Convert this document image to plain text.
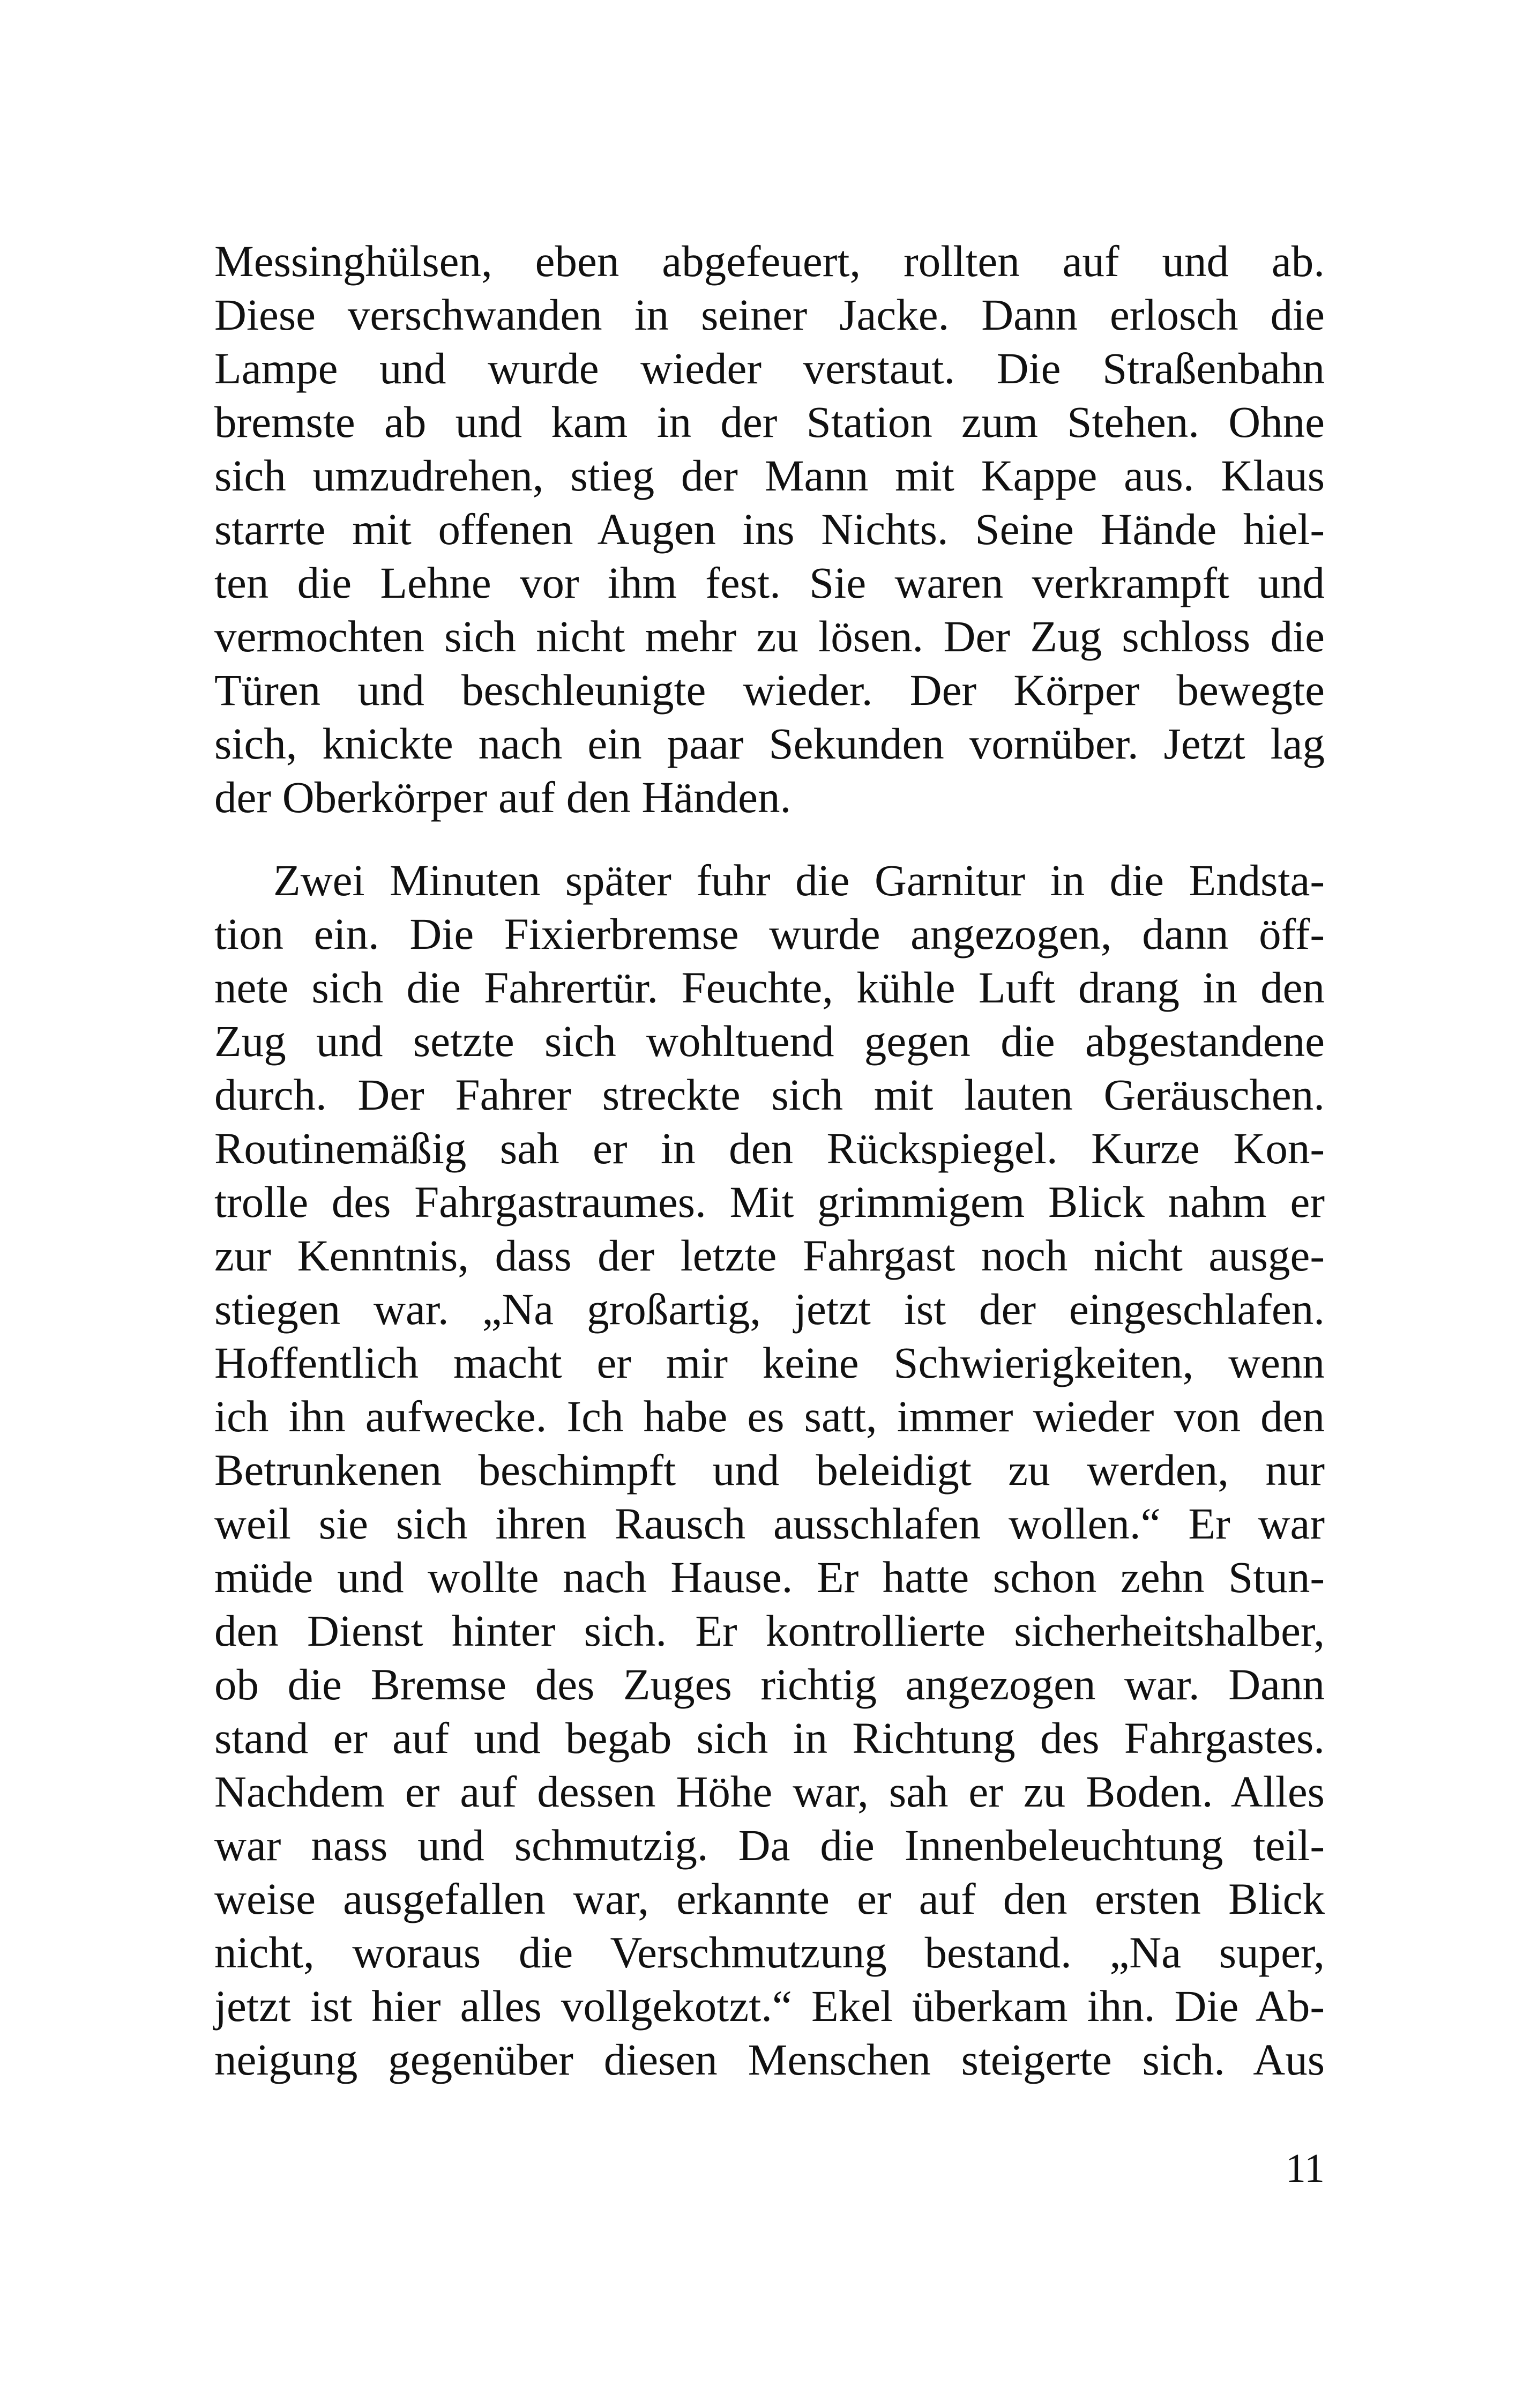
Messinghülsen, eben abgefeuert, rollten auf und ab.
Diese verschwanden in seiner Jacke. Dann erlosch die
Lampe und wurde wieder verstaut. Die Straßenbahn
bremste ab und kam in der Station zum Stehen. Ohne
sich umzudrehen, stieg der Mann mit Kappe aus. Klaus
starrte mit offenen Augen ins Nichts. Seine Hände hiel-
ten die Lehne vor ihm fest. Sie waren verkrampft und
vermochten sich nicht mehr zu lösen. Der Zug schloss die
Türen und beschleunigte wieder. Der Körper bewegte
sich, knickte nach ein paar Sekunden vornüber. Jetzt lag
der Oberkörper auf den Händen.
Zwei Minuten später fuhr die Garnitur in die Endsta-
tion ein. Die Fixierbremse wurde angezogen, dann öff-
nete sich die Fahrertür. Feuchte, kühle Luft drang in den
Zug und setzte sich wohltuend gegen die abgestandene
durch. Der Fahrer streckte sich mit lauten Geräuschen.
Routinemäßig sah er in den Rückspiegel. Kurze Kon-
trolle des Fahrgastraumes. Mit grimmigem Blick nahm er
zur Kenntnis, dass der letzte Fahrgast noch nicht ausge-
stiegen war. „Na großartig, jetzt ist der eingeschlafen.
Hoffentlich macht er mir keine Schwierigkeiten, wenn
ich ihn aufwecke. Ich habe es satt, immer wieder von den
Betrunkenen beschimpft und beleidigt zu werden, nur
weil sie sich ihren Rausch ausschlafen wollen.“ Er war
müde und wollte nach Hause. Er hatte schon zehn Stun-
den Dienst hinter sich. Er kontrollierte sicherheitshalber,
ob die Bremse des Zuges richtig angezogen war. Dann
stand er auf und begab sich in Richtung des Fahrgastes.
Nachdem er auf dessen Höhe war, sah er zu Boden. Alles
war nass und schmutzig. Da die Innenbeleuchtung teil-
weise ausgefallen war, erkannte er auf den ersten Blick
nicht, woraus die Verschmutzung bestand. „Na super,
jetzt ist hier alles vollgekotzt.“ Ekel überkam ihn. Die Ab-
neigung gegenüber diesen Menschen steigerte sich. Aus
11
